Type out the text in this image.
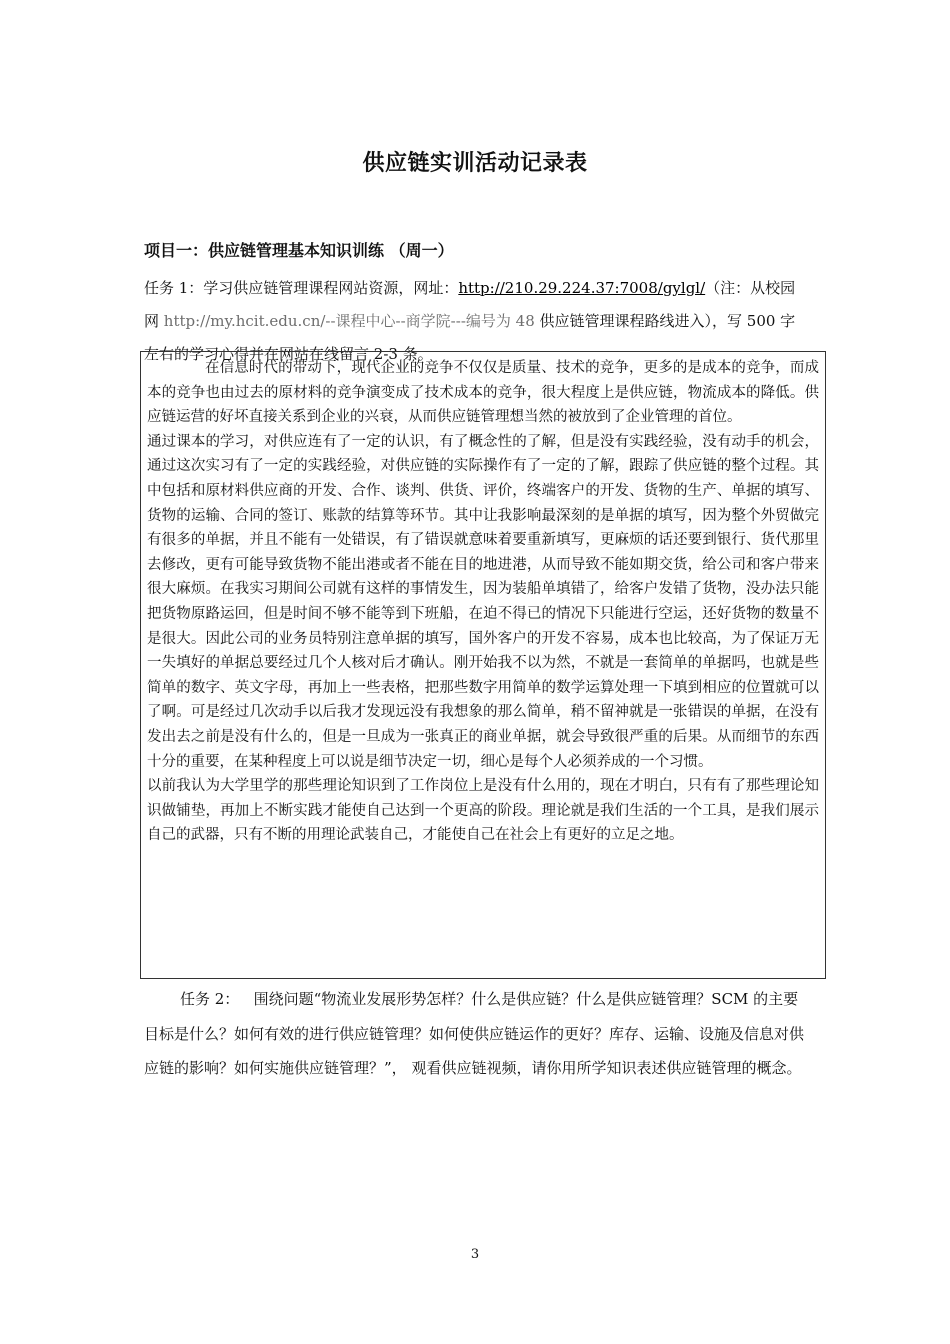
供应链实训活动记录表
项目一：供应链管理基本知识训练 （周一）
任务 1：学习供应链管理课程网站资源，网址：http://210.29.224.37:7008/gylgl/（注：从校园网 http://my.hcit.edu.cn/--课程中心--商学院---编号为 48 供应链管理课程路线进入），写 500 字左右的学习心得并在网站在线留言 2-3 条。

在信息时代的带动下，现代企业的竞争不仅仅是质量、技术的竞争，更多的是成本的竞争，而成本的竞争也由过去的原材料的竞争演变成了技术成本的竞争，很大程度上是供应链，物流成本的降低。供应链运营的好坏直接关系到企业的兴衰，从而供应链管理想当然的被放到了企业管理的首位。

通过课本的学习，对供应连有了一定的认识，有了概念性的了解，但是没有实践经验，没有动手的机会，通过这次实习有了一定的实践经验，对供应链的实际操作有了一定的了解，跟踪了供应链的整个过程。其中包括和原材料供应商的开发、合作、谈判、供货、评价，终端客户的开发、货物的生产、单据的填写、货物的运输、合同的签订、账款的结算等环节。其中让我影响最深刻的是单据的填写，因为整个外贸做完有很多的单据，并且不能有一处错误，有了错误就意味着要重新填写，更麻烦的话还要到银行、货代那里去修改，更有可能导致货物不能出港或者不能在目的地进港，从而导致不能如期交货，给公司和客户带来很大麻烦。在我实习期间公司就有这样的事情发生，因为装船单填错了，给客户发错了货物，没办法只能把货物原路运回，但是时间不够不能等到下班船，在迫不得已的情况下只能进行空运，还好货物的数量不是很大。因此公司的业务员特别注意单据的填写，国外客户的开发不容易，成本也比较高，为了保证万无一失填好的单据总要经过几个人核对后才确认。刚开始我不以为然，不就是一套简单的单据吗，也就是些简单的数字、英文字母，再加上一些表格，把那些数字用简单的数学运算处理一下填到相应的位置就可以了啊。可是经过几次动手以后我才发现远没有我想象的那么简单，稍不留神就是一张错误的单据，在没有发出去之前是没有什么的，但是一旦成为一张真正的商业单据，就会导致很严重的后果。从而细节的东西十分的重要，在某种程度上可以说是细节决定一切，细心是每个人必须养成的一个习惯。

以前我认为大学里学的那些理论知识到了工作岗位上是没有什么用的，现在才明白，只有有了那些理论知识做铺垫，再加上不断实践才能使自己达到一个更高的阶段。理论就是我们生活的一个工具，是我们展示自己的武器，只有不断的用理论武装自己，才能使自己在社会上有更好的立足之地。

任务 2： 围绕问题“物流业发展形势怎样？什么是供应链？什么是供应链管理？SCM 的主要目标是什么？如何有效的进行供应链管理？如何使供应链运作的更好？库存、运输、设施及信息对供应链的影响？如何实施供应链管理？”， 观看供应链视频，请你用所学知识表述供应链管理的概念。
3
